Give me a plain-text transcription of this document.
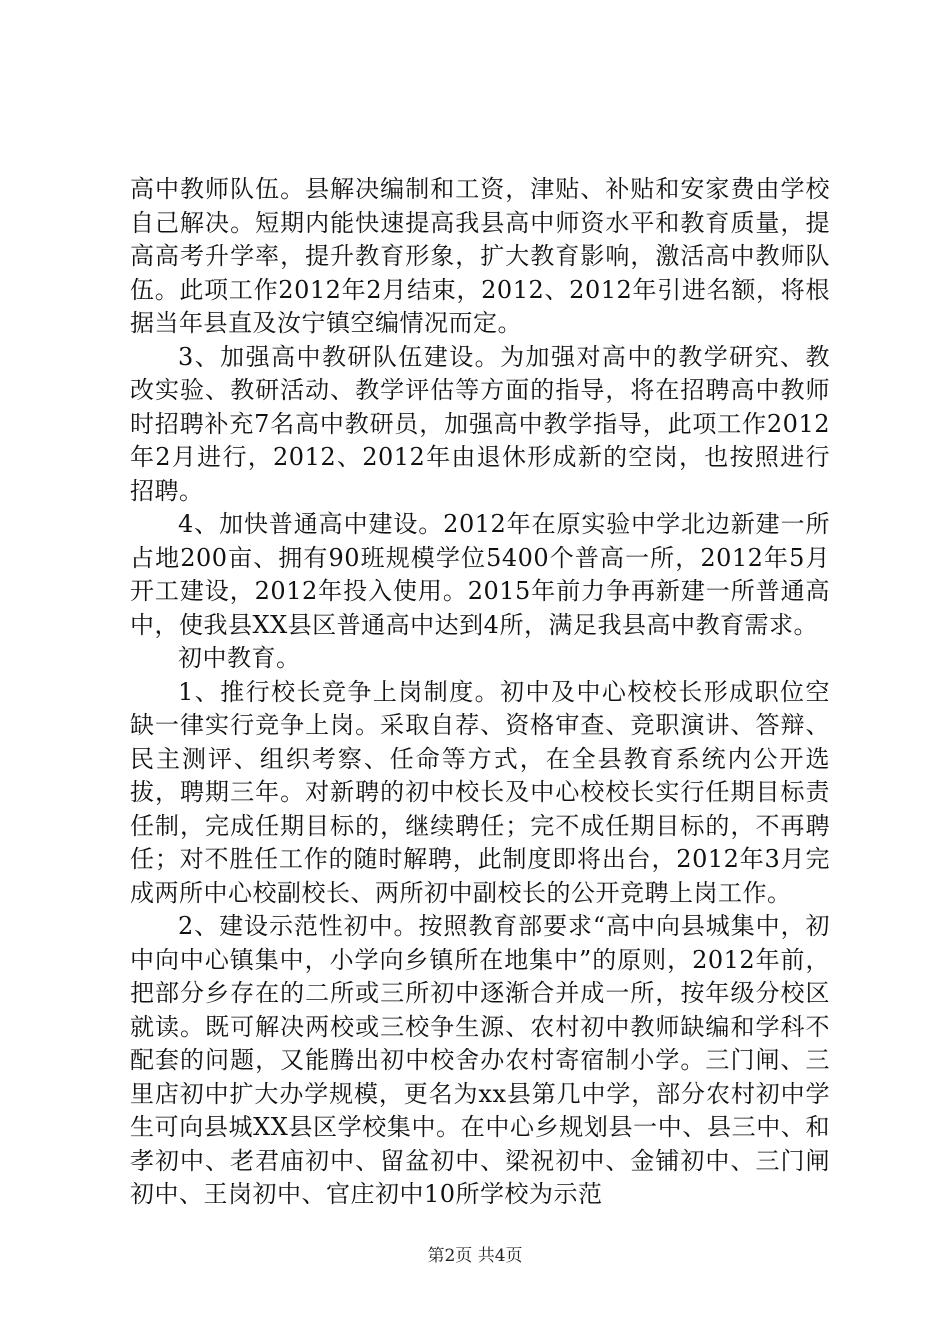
高中教师队伍。县解决编制和工资，津贴、补贴和安家费由学校自己解决。短期内能快速提高我县高中师资水平和教育质量，提高高考升学率，提升教育形象，扩大教育影响，激活高中教师队伍。此项工作2012年2月结束，2012、2012年引进名额，将根据当年县直及汝宁镇空编情况而定。

3、加强高中教研队伍建设。为加强对高中的教学研究、教改实验、教研活动、教学评估等方面的指导，将在招聘高中教师时招聘补充7名高中教研员，加强高中教学指导，此项工作2012年2月进行，2012、2012年由退休形成新的空岗，也按照进行招聘。

4、加快普通高中建设。2012年在原实验中学北边新建一所占地200亩、拥有90班规模学位5400个普高一所，2012年5月开工建设，2012年投入使用。2015年前力争再新建一所普通高中，使我县XX县区普通高中达到4所，满足我县高中教育需求。

初中教育。

1、推行校长竞争上岗制度。初中及中心校校长形成职位空缺一律实行竞争上岗。采取自荐、资格审查、竞职演讲、答辩、民主测评、组织考察、任命等方式，在全县教育系统内公开选拔，聘期三年。对新聘的初中校长及中心校校长实行任期目标责任制，完成任期目标的，继续聘任；完不成任期目标的，不再聘任；对不胜任工作的随时解聘，此制度即将出台，2012年3月完成两所中心校副校长、两所初中副校长的公开竞聘上岗工作。

2、建设示范性初中。按照教育部要求“高中向县城集中，初中向中心镇集中，小学向乡镇所在地集中”的原则，2012年前，把部分乡存在的二所或三所初中逐渐合并成一所，按年级分校区就读。既可解决两校或三校争生源、农村初中教师缺编和学科不配套的问题，又能腾出初中校舍办农村寄宿制小学。三门闸、三里店初中扩大办学规模，更名为xx县第几中学，部分农村初中学生可向县城XX县区学校集中。在中心乡规划县一中、县三中、和孝初中、老君庙初中、留盆初中、梁祝初中、金铺初中、三门闸初中、王岗初中、官庄初中10所学校为示范

第2页 共4页
